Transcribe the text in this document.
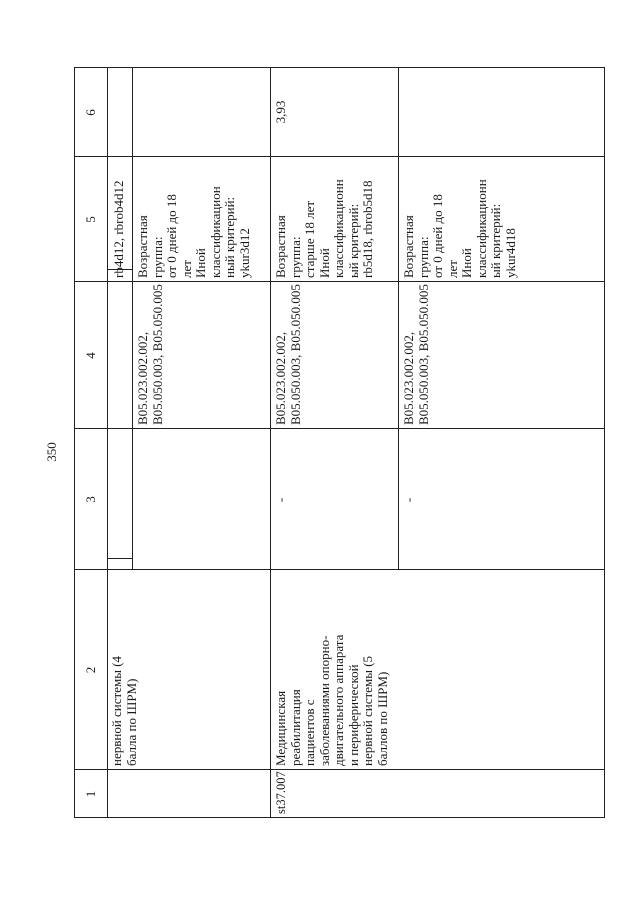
350
1
2
3
4
5
6
нервной системы (4
балла по ШРМ)
rb4d12, rbrob4d12
B05.023.002.002,
B05.050.003, B05.050.005
Возрастная
группа:
от 0 дней до 18
лет
Иной
классификацион
ный критерий:
ykur3d12
st37.007
Медицинская
реабилитация
пациентов с
заболеваниями опорно-
двигательного аппарата
и периферической
нервной системы (5
баллов по ШРМ)
-
B05.023.002.002,
B05.050.003, B05.050.005
Возрастная
группа:
старше 18 лет
Иной
классификационн
ый критерий:
rb5d18, rbrob5d18
3,93
-
B05.023.002.002,
B05.050.003, B05.050.005
Возрастная
группа:
от 0 дней до 18
лет
Иной
классификационн
ый критерий:
ykur4d18
